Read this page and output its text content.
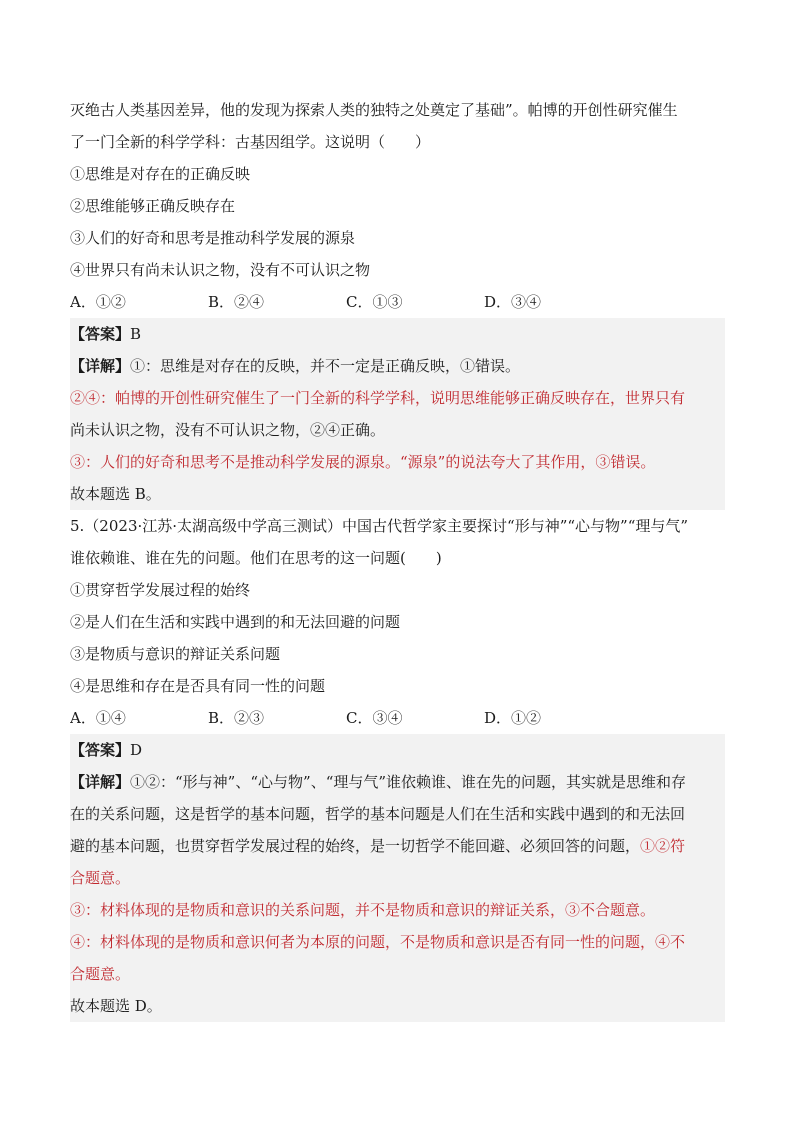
灭绝古人类基因差异，他的发现为探索人类的独特之处奠定了基础”。帕博的开创性研究催生
了一门全新的科学学科：古基因组学。这说明（　　）
①思维是对存在的正确反映
②思维能够正确反映存在
③人们的好奇和思考是推动科学发展的源泉
④世界只有尚未认识之物，没有不可认识之物
A．①②	B．②④	C．①③	D．③④
【答案】B
【详解】①：思维是对存在的反映，并不一定是正确反映，①错误。
②④：帕博的开创性研究催生了一门全新的科学学科，说明思维能够正确反映存在，世界只有
尚未认识之物，没有不可认识之物，②④正确。
③：人们的好奇和思考不是推动科学发展的源泉。“源泉”的说法夸大了其作用，③错误。
故本题选 B。
5.（2023·江苏·太湖高级中学高三测试）中国古代哲学家主要探讨“形与神”“心与物”“理与气”
谁依赖谁、谁在先的问题。他们在思考的这一问题(　　)
①贯穿哲学发展过程的始终
②是人们在生活和实践中遇到的和无法回避的问题
③是物质与意识的辩证关系问题
④是思维和存在是否具有同一性的问题
A．①④	B．②③	C．③④	D．①②
【答案】D
【详解】①②：“形与神”、“心与物”、“理与气”谁依赖谁、谁在先的问题，其实就是思维和存
在的关系问题，这是哲学的基本问题，哲学的基本问题是人们在生活和实践中遇到的和无法回
避的基本问题，也贯穿哲学发展过程的始终，是一切哲学不能回避、必须回答的问题，①②符
合题意。
③：材料体现的是物质和意识的关系问题，并不是物质和意识的辩证关系，③不合题意。
④：材料体现的是物质和意识何者为本原的问题，不是物质和意识是否有同一性的问题，④不
合题意。
故本题选 D。
